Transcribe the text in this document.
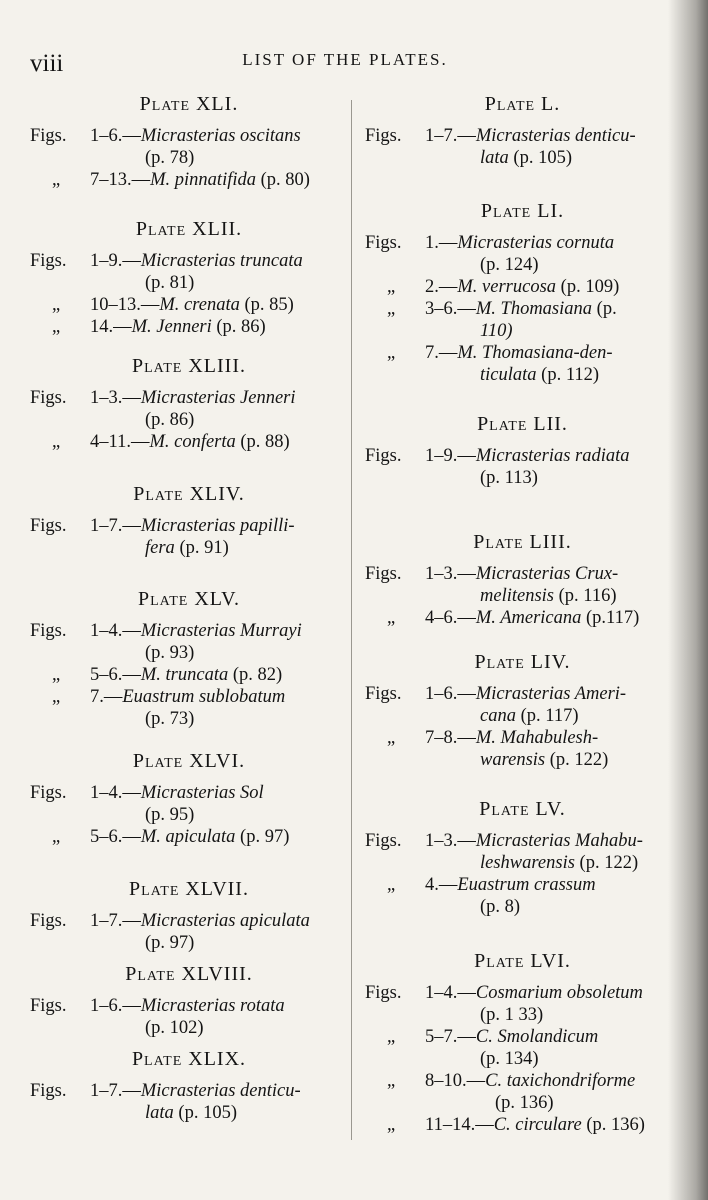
viii	LIST OF THE PLATES.
Plate XLI.
Figs. 1–6.—Micrasterias oscitans
(p. 78)
„ 7–13.—M. pinnatifida (p. 80)
Plate XLII.
Figs. 1–9.—Micrasterias truncata
(p. 81)
„ 10–13.—M. crenata (p. 85)
„ 14.—M. Jenneri (p. 86)
Plate XLIII.
Figs. 1–3.—Micrasterias Jenneri
(p. 86)
„ 4–11.—M. conferta (p. 88)
Plate XLIV.
Figs. 1–7.—Micrasterias papilli-
fera (p. 91)
Plate XLV.
Figs. 1–4.—Micrasterias Murrayi
(p. 93)
„ 5–6.—M. truncata (p. 82)
„ 7.—Euastrum sublobatum
(p. 73)
Plate XLVI.
Figs. 1–4.—Micrasterias Sol
(p. 95)
„ 5–6.—M. apiculata (p. 97)
Plate XLVII.
Figs. 1–7.—Micrasterias apiculata
(p. 97)
Plate XLVIII.
Figs. 1–6.—Micrasterias rotata
(p. 102)
Plate XLIX.
Figs. 1–7.—Micrasterias denticu-
lata (p. 105)
Plate L.
Figs. 1–7.—Micrasterias denticu-
lata (p. 105)
Plate LI.
Figs. 1.—Micrasterias cornuta
(p. 124)
„ 2.—M. verrucosa (p. 109)
„ 3–6.—M. Thomasiana (p.
110)
„ 7.—M. Thomasiana-den-
ticulata (p. 112)
Plate LII.
Figs. 1–9.—Micrasterias radiata
(p. 113)
Plate LIII.
Figs. 1–3.—Micrasterias Crux-
melitensis (p. 116)
„ 4–6.—M. Americana (p.117)
Plate LIV.
Figs. 1–6.—Micrasterias Ameri-
cana (p. 117)
„ 7–8.—M. Mahabulesh-
warensis (p. 122)
Plate LV.
Figs. 1–3.—Micrasterias Mahabu-
leshwarensis (p. 122)
„ 4.—Euastrum crassum
(p. 8)
Plate LVI.
Figs. 1–4.—Cosmarium obsoletum
(p. 1 33)
„ 5–7.—C. Smolandicum
(p. 134)
„ 8–10.—C. taxichondriforme
(p. 136)
„ 11–14.—C. circulare (p. 136)
